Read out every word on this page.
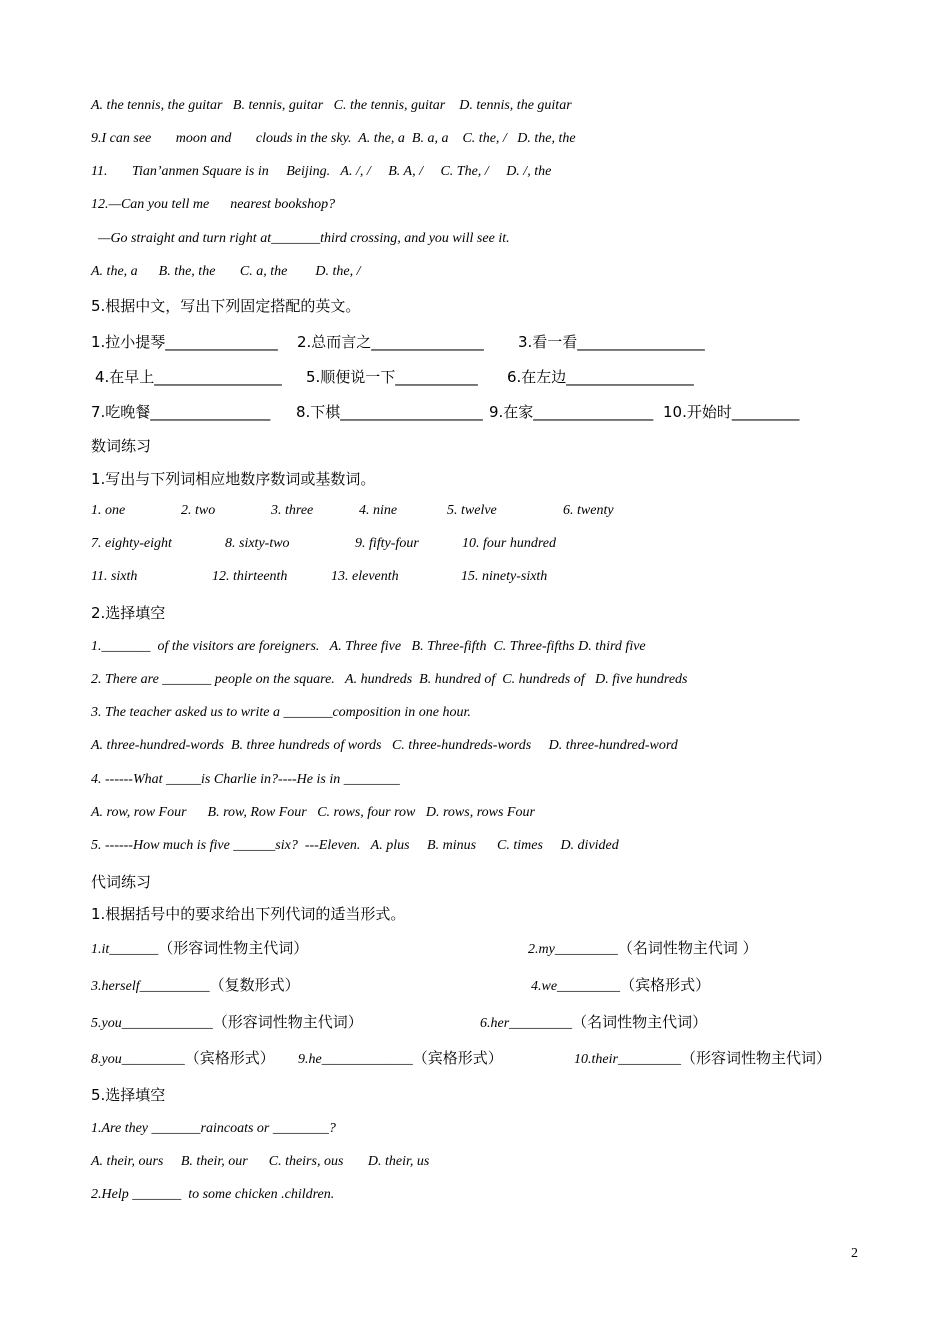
A. the tennis, the guitar   B. tennis, guitar   C. the tennis, guitar    D. tennis, the guitar
9.I can see       moon and       clouds in the sky.  A. the, a  B. a, a    C. the, /   D. the, the
11.       Tian’anmen Square is in     Beijing.   A. /, /     B. A, /     C. The, /     D. /, the
12.—Can you tell me      nearest bookshop?
—Go straight and turn right at_______third crossing, and you will see it.
A. the, a      B. the, the       C. a, the        D. the, /
5.根据中文，写出下列固定搭配的英文。
1.拉小提琴_______________ 2.总而言之_______________ 3.看一看_________________
4.在早上_________________ 5.顺便说一下___________ 6.在左边_________________
7.吃晚餐________________ 8.下棋___________________ 9.在家________________ 10.开始时_________
数词练习
1.写出与下列词相应地数序数词或基数词。
1. one	2. two	3. three	4. nine	5. twelve	6. twenty
7. eighty-eight	8. sixty-two	9. fifty-four	10. four hundred
11. sixth	12. thirteenth	13. eleventh	15. ninety-sixth
2.选择填空
1._______  of the visitors are foreigners.   A. Three five   B. Three-fifth  C. Three-fifths D. third five
2. There are _______ people on the square.   A. hundreds  B. hundred of  C. hundreds of   D. five hundreds
3. The teacher asked us to write a _______composition in one hour.
A. three-hundred-words  B. three hundreds of words   C. three-hundreds-words     D. three-hundred-word
4. ------What _____is Charlie in?----He is in ________
A. row, row Four      B. row, Row Four   C. rows, four row   D. rows, rows Four
5. ------How much is five ______six?  ---Eleven.   A. plus     B. minus      C. times     D. divided
代词练习
1.根据括号中的要求给出下列代词的适当形式。
1.it_______（形容词性物主代词）	2.my_________（名词性物主代词 ）
3.herself__________（复数形式）	4.we_________（宾格形式）
5.you_____________（形容词性物主代词）	6.her_________（名词性物主代词）
8.you_________（宾格形式） 9.he_____________（宾格形式）	10.their_________（形容词性物主代词）
5.选择填空
1.Are they _______raincoats or ________?
A. their, ours     B. their, our      C. theirs, ous       D. their, us
2.Help _______  to some chicken .children.
2
